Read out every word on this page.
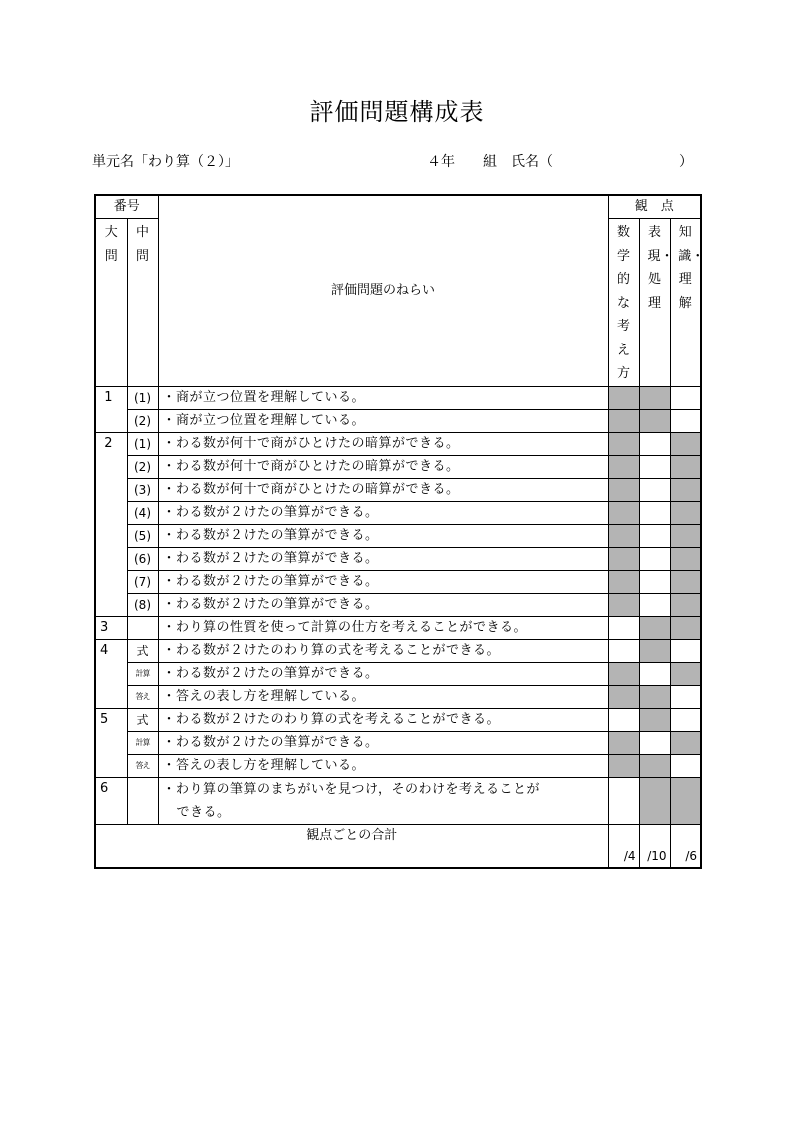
評価問題構成表
単元名「わり算（２）」	４年　　組　氏名（　　　　　　　　　）
番号		評価問題のねらい	観　点		
大問	中問		数学的な考え方	表現・処理	知識・理解
1	(1)	・商が立つ位置を理解している。			
	(2)	・商が立つ位置を理解している。			
2	(1)	・わる数が何十で商がひとけたの暗算ができる。			
	(2)	・わる数が何十で商がひとけたの暗算ができる。			
	(3)	・わる数が何十で商がひとけたの暗算ができる。			
	(4)	・わる数が２けたの筆算ができる。			
	(5)	・わる数が２けたの筆算ができる。			
	(6)	・わる数が２けたの筆算ができる。			
	(7)	・わる数が２けたの筆算ができる。			
	(8)	・わる数が２けたの筆算ができる。			
3		・わり算の性質を使って計算の仕方を考えることができる。			
4	式	・わる数が２けたのわり算の式を考えることができる。			
	計算	・わる数が２けたの筆算ができる。			
	答え	・答えの表し方を理解している。			
5	式	・わる数が２けたのわり算の式を考えることができる。			
	計算	・わる数が２けたの筆算ができる。			
	答え	・答えの表し方を理解している。			
6		・わり算の筆算のまちがいを見つけ，そのわけを考えることが
できる。			

観点ごとの合計			/4	/10	/6
